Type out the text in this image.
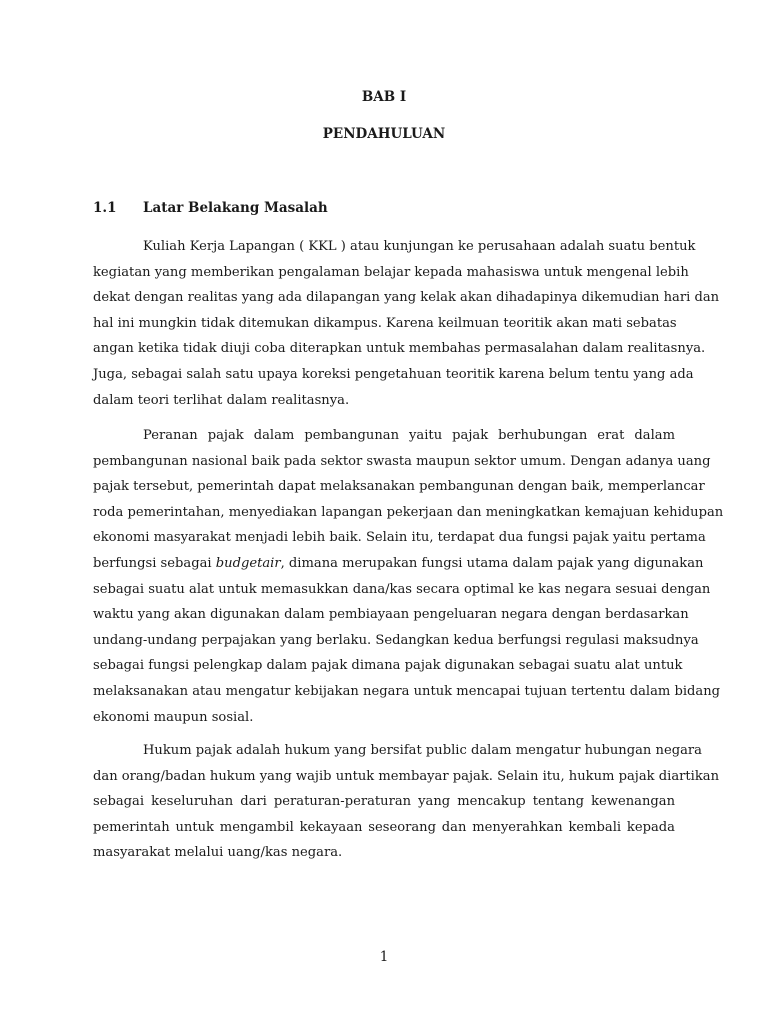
BAB I
PENDAHULUAN
1.1 Latar Belakang Masalah
Kuliah Kerja Lapangan ( KKL ) atau kunjungan ke perusahaan adalah suatu bentuk
kegiatan yang memberikan pengalaman belajar kepada mahasiswa untuk mengenal lebih
dekat dengan realitas yang ada dilapangan yang kelak akan dihadapinya dikemudian hari dan
hal ini mungkin tidak ditemukan dikampus. Karena keilmuan teoritik akan mati sebatas
angan ketika tidak diuji coba diterapkan untuk membahas permasalahan dalam realitasnya.
Juga, sebagai salah satu upaya koreksi pengetahuan teoritik karena belum tentu yang ada
dalam teori terlihat dalam realitasnya.
Peranan pajak dalam pembangunan yaitu pajak berhubungan erat dalam
pembangunan nasional baik pada sektor swasta maupun sektor umum. Dengan adanya uang
pajak tersebut, pemerintah dapat melaksanakan pembangunan dengan baik, memperlancar
roda pemerintahan, menyediakan lapangan pekerjaan dan meningkatkan kemajuan kehidupan
ekonomi masyarakat menjadi lebih baik. Selain itu, terdapat dua fungsi pajak yaitu pertama
berfungsi sebagai budgetair, dimana merupakan fungsi utama dalam pajak yang digunakan
sebagai suatu alat untuk memasukkan dana/kas secara optimal ke kas negara sesuai dengan
waktu yang akan digunakan dalam pembiayaan pengeluaran negara dengan berdasarkan
undang-undang perpajakan yang berlaku. Sedangkan kedua berfungsi regulasi maksudnya
sebagai fungsi pelengkap dalam pajak dimana pajak digunakan sebagai suatu alat untuk
melaksanakan atau mengatur kebijakan negara untuk mencapai tujuan tertentu dalam bidang
ekonomi maupun sosial.
Hukum pajak adalah hukum yang bersifat public dalam mengatur hubungan negara
dan orang/badan hukum yang wajib untuk membayar pajak. Selain itu, hukum pajak diartikan
sebagai keseluruhan dari peraturan-peraturan yang mencakup tentang kewenangan
pemerintah untuk mengambil kekayaan seseorang dan menyerahkan kembali kepada
masyarakat melalui uang/kas negara.
1
